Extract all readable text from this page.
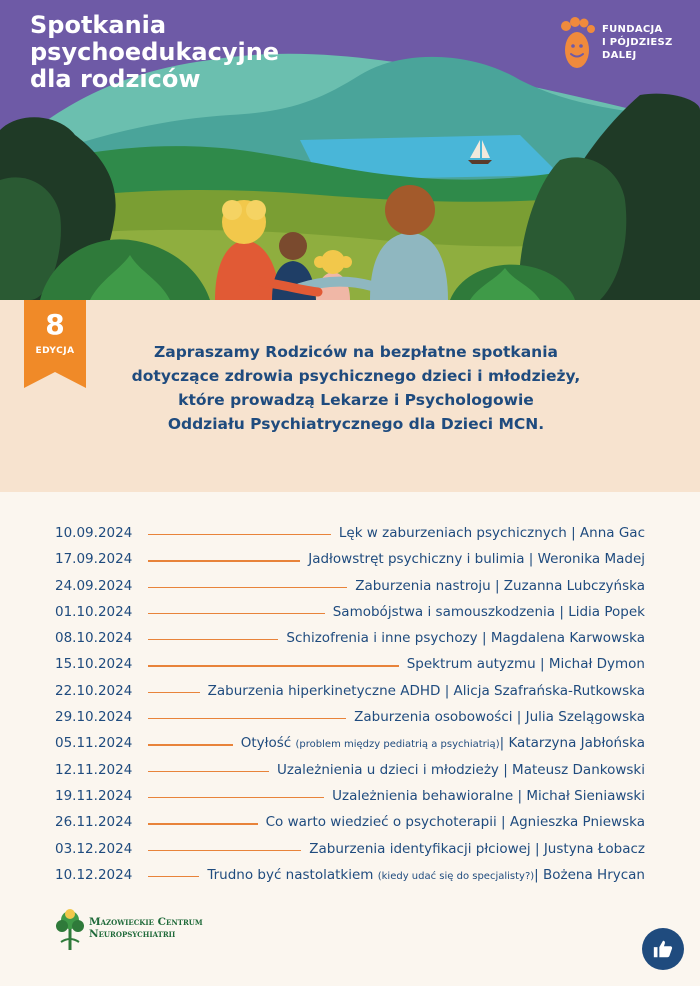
Spotkania
psychoedukacyjne
dla rodziców
FUNDACJA
I PÓJDZIESZ
DALEJ
8
EDYCJA	Zapraszamy Rodziców na bezpłatne spotkania
dotyczące zdrowia psychicznego dzieci i młodzieży,
które prowadzą Lekarze i Psychologowie
Oddziału Psychiatrycznego dla Dzieci MCN.
10.09.2024	Lęk w zaburzeniach psychicznych | Anna Gac
17.09.2024	Jadłowstręt psychiczny i bulimia | Weronika Madej
24.09.2024	Zaburzenia nastroju | Zuzanna Lubczyńska
01.10.2024	Samobójstwa i samouszkodzenia | Lidia Popek
08.10.2024	Schizofrenia i inne psychozy | Magdalena Karwowska
15.10.2024	Spektrum autyzmu | Michał Dymon
22.10.2024	Zaburzenia hiperkinetyczne ADHD | Alicja Szafrańska-Rutkowska
29.10.2024	Zaburzenia osobowości | Julia Szelągowska
05.11.2024	Otyłość (problem między pediatrią a psychiatrią)| Katarzyna Jabłońska
12.11.2024	Uzależnienia u dzieci i młodzieży | Mateusz Dankowski
19.11.2024	Uzależnienia behawioralne | Michał Sieniawski
26.11.2024	Co warto wiedzieć o psychoterapii | Agnieszka Pniewska
03.12.2024	Zaburzenia identyfikacji płciowej | Justyna Łobacz
10.12.2024	Trudno być nastolatkiem (kiedy udać się do specjalisty?)| Bożena Hrycan
Mazowieckie Centrum
Neuropsychiatrii
